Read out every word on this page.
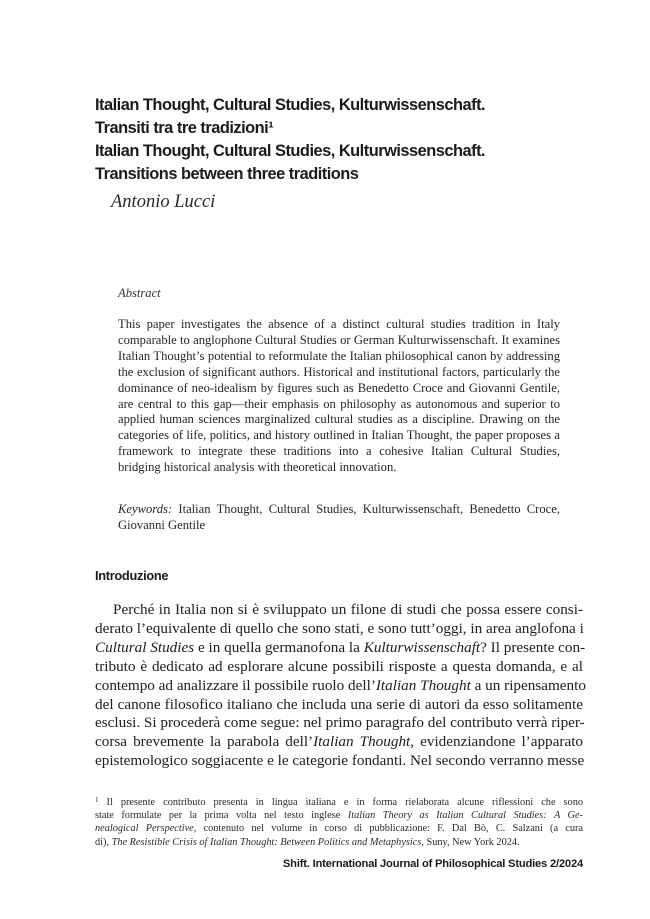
Italian Thought, Cultural Studies, Kulturwissenschaft.
Transiti tra tre tradizioni¹
Italian Thought, Cultural Studies, Kulturwissenschaft.
Transitions between three traditions
Antonio Lucci
Abstract
This paper investigates the absence of a distinct cultural studies tradition in Italy comparable to anglophone Cultural Studies or German Kulturwissenschaft. It examines Italian Thought’s potential to reformulate the Italian philosophical canon by addressing the exclusion of significant authors. Historical and institutional factors, particularly the dominance of neo-idealism by figures such as Benedetto Croce and Giovanni Gentile, are central to this gap—their emphasis on philosophy as autonomous and superior to applied human sciences marginalized cultural studies as a discipline. Drawing on the categories of life, politics, and history outlined in Italian Thought, the paper proposes a framework to integrate these traditions into a cohesive Italian Cultural Studies, bridging historical analysis with theoretical innovation.
Keywords: Italian Thought, Cultural Studies, Kulturwissenschaft, Benedetto Croce, Giovanni Gentile
Introduzione
Perché in Italia non si è sviluppato un filone di studi che possa essere consi-
derato l’equivalente di quello che sono stati, e sono tutt’oggi, in area anglofona i
Cultural Studies e in quella germanofona la Kulturwissenschaft? Il presente con-
tributo è dedicato ad esplorare alcune possibili risposte a questa domanda, e al
contempo ad analizzare il possibile ruolo dell’Italian Thought a un ripensamento
del canone filosofico italiano che includa una serie di autori da esso solitamente
esclusi. Si procederà come segue: nel primo paragrafo del contributo verrà riper-
corsa brevemente la parabola dell’Italian Thought, evidenziandone l’apparato
epistemologico soggiacente e le categorie fondanti. Nel secondo verranno messe
$^1$ Il presente contributo presenta in lingua italiana e in forma rielaborata alcune riflessioni che sono
state formulate per la prima volta nel testo inglese Italian Theory as Italian Cultural Studies: A Ge-
nealogical Perspective, contenuto nel volume in corso di pubblicazione: F. Dal Bò, C. Salzani (a cura
di), The Resistible Crisis of Italian Thought: Between Politics and Metaphysics, Suny, New York 2024.
Shift. International Journal of Philosophical Studies 2/2024
